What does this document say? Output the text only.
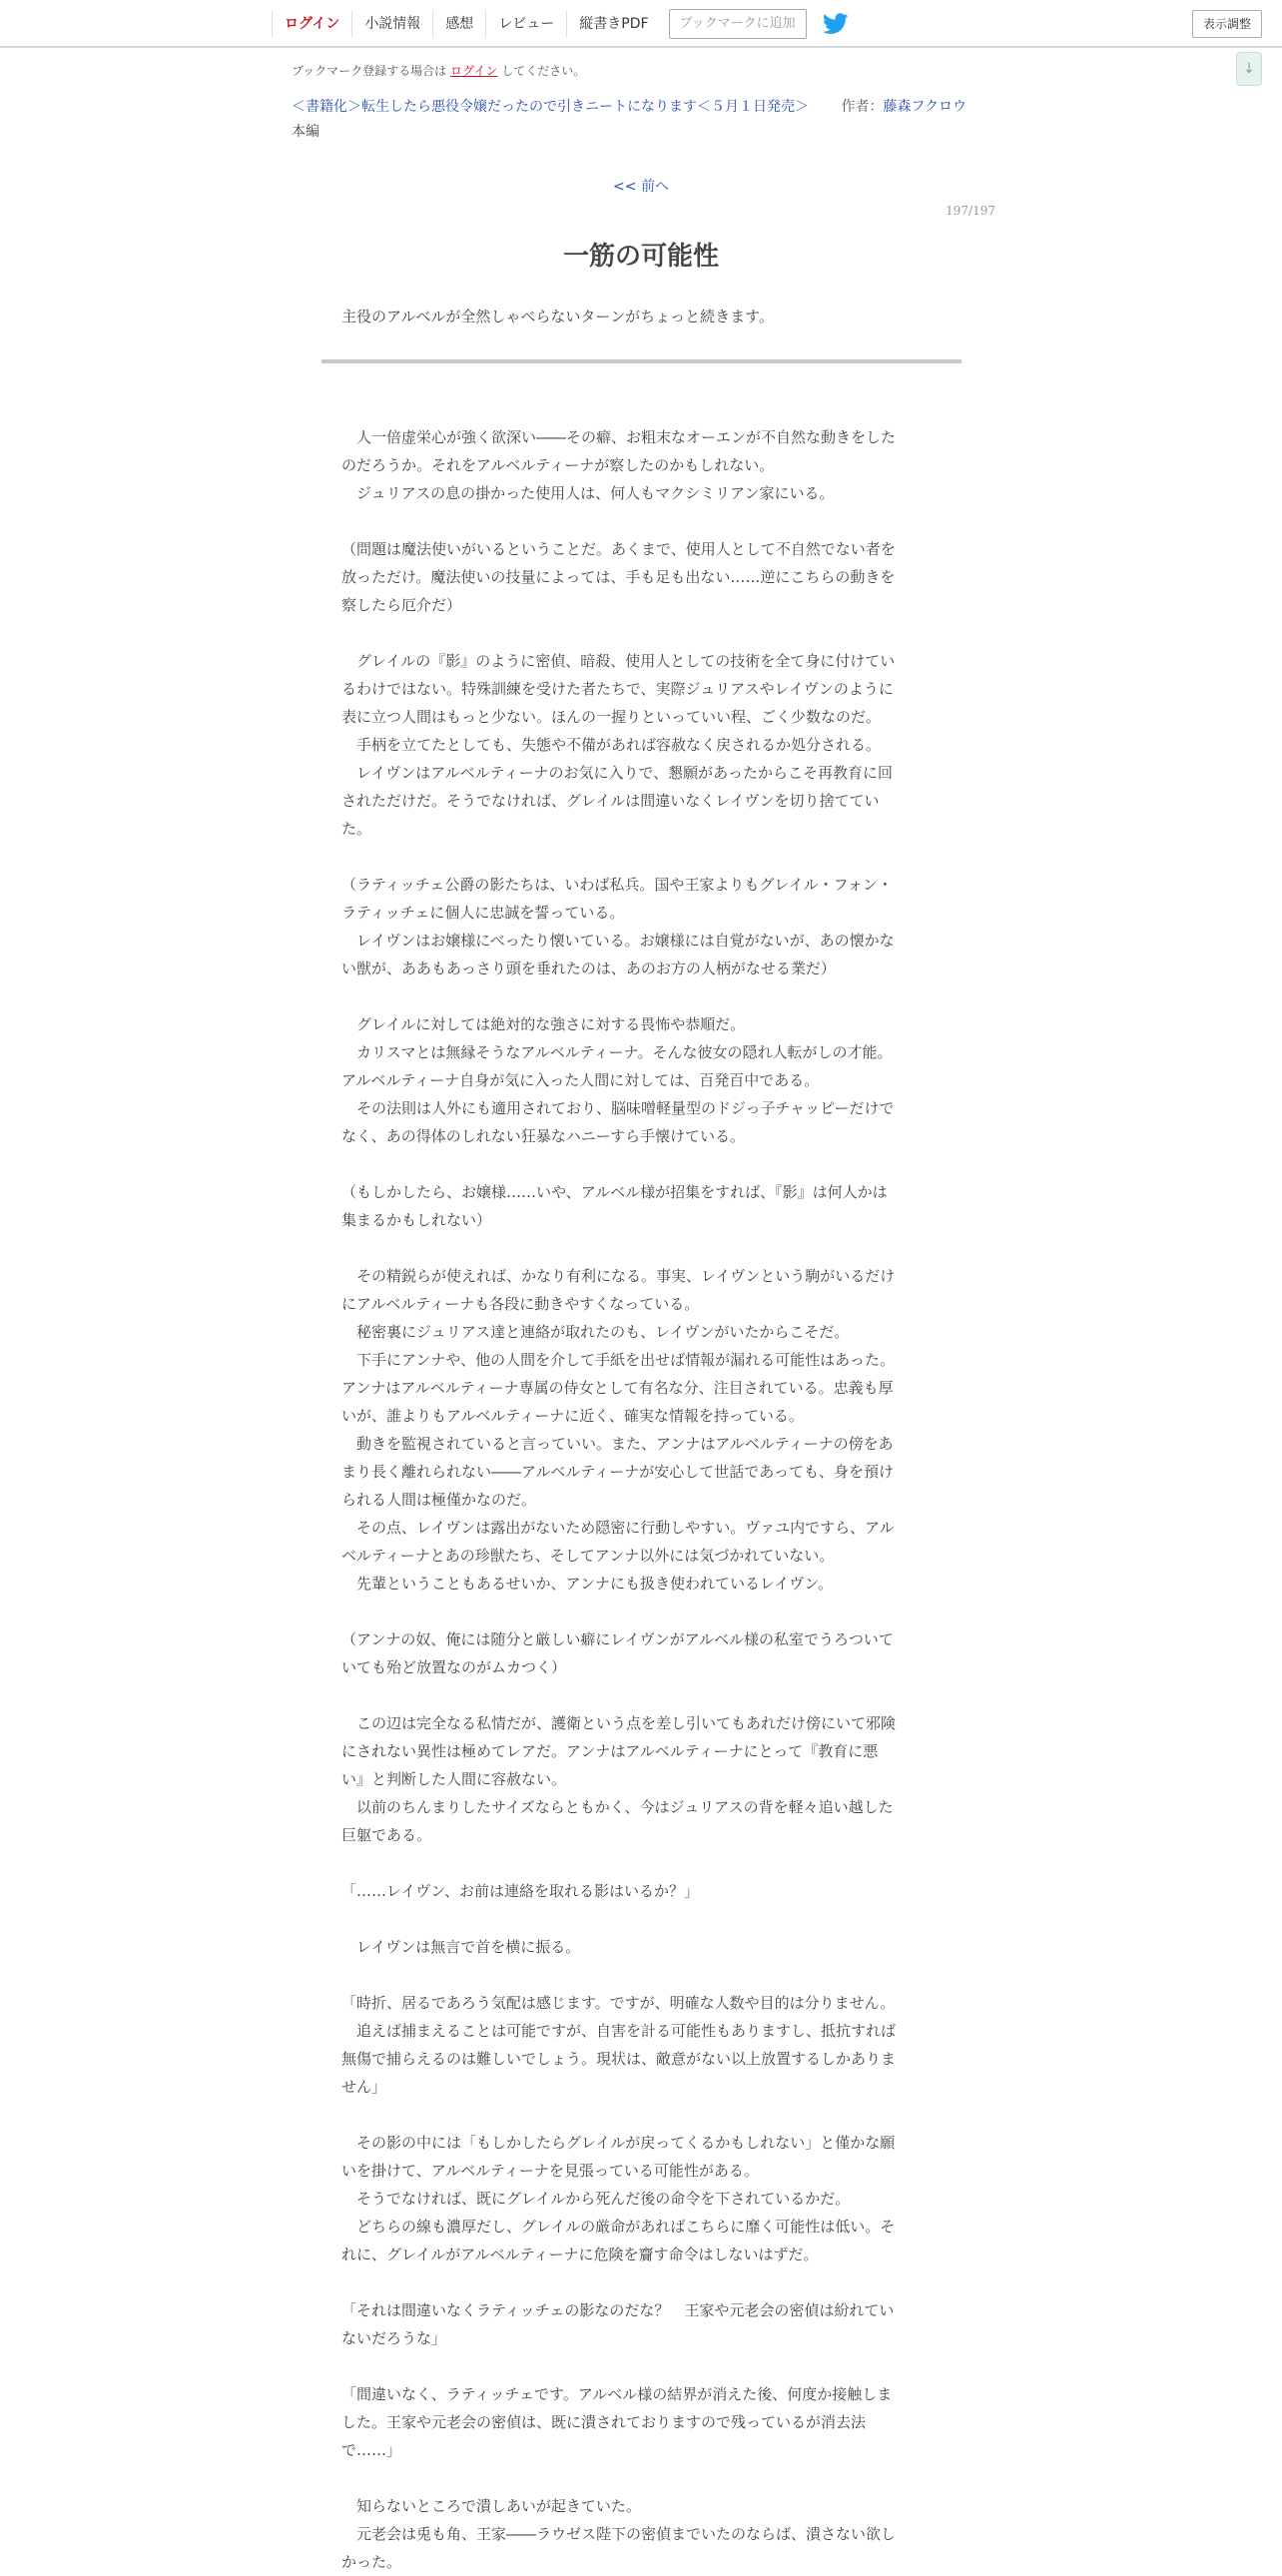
ログイン	小説情報	感想	レビュー	縦書きPDF	ブックマークに追加	表示調整
↓
ブックマーク登録する場合は ログイン してください。
＜書籍化＞転生したら悪役令嬢だったので引きニートになります＜５月１日発売＞ 作者：藤森フクロウ
本編
<< 前へ
197/197
一筋の可能性
主役のアルベルが全然しゃべらないターンがちょっと続きます。
　人一倍虚栄心が強く欲深い――その癖、お粗末なオーエンが不自然な動きをした
のだろうか。それをアルベルティーナが察したのかもしれない。
　ジュリアスの息の掛かった使用人は、何人もマクシミリアン家にいる。
（問題は魔法使いがいるということだ。あくまで、使用人として不自然でない者を
放っただけ。魔法使いの技量によっては、手も足も出ない……逆にこちらの動きを
察したら厄介だ）
　グレイルの『影』のように密偵、暗殺、使用人としての技術を全て身に付けてい
るわけではない。特殊訓練を受けた者たちで、実際ジュリアスやレイヴンのように
表に立つ人間はもっと少ない。ほんの一握りといっていい程、ごく少数なのだ。
　手柄を立てたとしても、失態や不備があれば容赦なく戻されるか処分される。
　レイヴンはアルベルティーナのお気に入りで、懇願があったからこそ再教育に回
されただけだ。そうでなければ、グレイルは間違いなくレイヴンを切り捨ててい
た。
（ラティッチェ公爵の影たちは、いわば私兵。国や王家よりもグレイル・フォン・
ラティッチェに個人に忠誠を誓っている。
　レイヴンはお嬢様にべったり懐いている。お嬢様には自覚がないが、あの懐かな
い獣が、ああもあっさり頭を垂れたのは、あのお方の人柄がなせる業だ）
　グレイルに対しては絶対的な強さに対する畏怖や恭順だ。
　カリスマとは無縁そうなアルベルティーナ。そんな彼女の隠れ人転がしの才能。
アルベルティーナ自身が気に入った人間に対しては、百発百中である。
　その法則は人外にも適用されており、脳味噌軽量型のドジっ子チャッピーだけで
なく、あの得体のしれない狂暴なハニーすら手懐けている。
（もしかしたら、お嬢様……いや、アルベル様が招集をすれば、『影』は何人かは
集まるかもしれない）
　その精鋭らが使えれば、かなり有利になる。事実、レイヴンという駒がいるだけ
にアルベルティーナも各段に動きやすくなっている。
　秘密裏にジュリアス達と連絡が取れたのも、レイヴンがいたからこそだ。
　下手にアンナや、他の人間を介して手紙を出せば情報が漏れる可能性はあった。
アンナはアルベルティーナ専属の侍女として有名な分、注目されている。忠義も厚
いが、誰よりもアルベルティーナに近く、確実な情報を持っている。
　動きを監視されていると言っていい。また、アンナはアルベルティーナの傍をあ
まり長く離れられない――アルベルティーナが安心して世話であっても、身を預け
られる人間は極僅かなのだ。
　その点、レイヴンは露出がないため隠密に行動しやすい。ヴァユ内ですら、アル
ベルティーナとあの珍獣たち、そしてアンナ以外には気づかれていない。
　先輩ということもあるせいか、アンナにも扱き使われているレイヴン。
（アンナの奴、俺には随分と厳しい癖にレイヴンがアルベル様の私室でうろついて
いても殆ど放置なのがムカつく）
　この辺は完全なる私情だが、護衛という点を差し引いてもあれだけ傍にいて邪険
にされない異性は極めてレアだ。アンナはアルベルティーナにとって『教育に悪
い』と判断した人間に容赦ない。
　以前のちんまりしたサイズならともかく、今はジュリアスの背を軽々追い越した
巨躯である。
「……レイヴン、お前は連絡を取れる影はいるか？」
　レイヴンは無言で首を横に振る。
「時折、居るであろう気配は感じます。ですが、明確な人数や目的は分りません。
　追えば捕まえることは可能ですが、自害を計る可能性もありますし、抵抗すれば
無傷で捕らえるのは難しいでしょう。現状は、敵意がない以上放置するしかありま
せん」
　その影の中には「もしかしたらグレイルが戻ってくるかもしれない」と僅かな願
いを掛けて、アルベルティーナを見張っている可能性がある。
　そうでなければ、既にグレイルから死んだ後の命令を下されているかだ。
　どちらの線も濃厚だし、グレイルの厳命があればこちらに靡く可能性は低い。そ
れに、グレイルがアルベルティーナに危険を齎す命令はしないはずだ。
「それは間違いなくラティッチェの影なのだな？　王家や元老会の密偵は紛れてい
ないだろうな」
「間違いなく、ラティッチェです。アルベル様の結界が消えた後、何度か接触しま
した。王家や元老会の密偵は、既に潰されておりますので残っているが消去法
で……」
　知らないところで潰しあいが起きていた。
　元老会は兎も角、王家――ラウゼス陛下の密偵までいたのならば、潰さない欲し
かった。
